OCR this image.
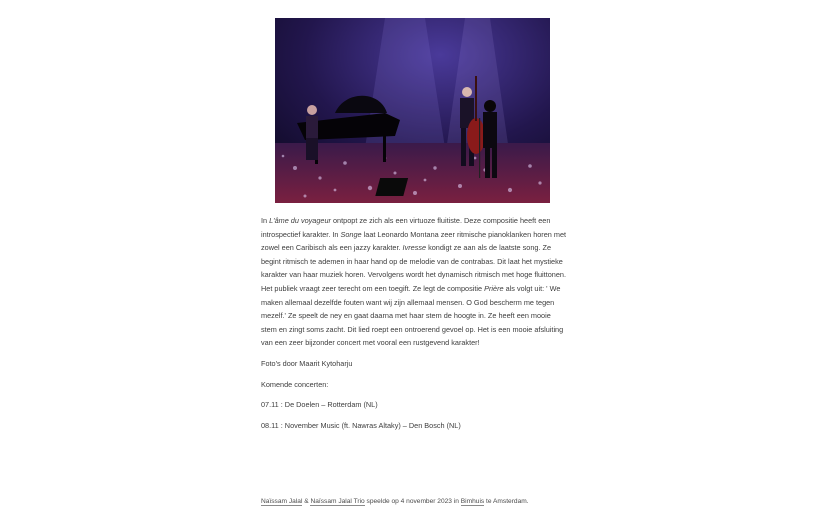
In L'âme du voyageur ontpopt ze zich als een virtuoze fluitiste. Deze compositie heeft een introspectief karakter. In Songe laat Leonardo Montana zeer ritmische pianoklanken horen met zowel een Caribisch als een jazzy karakter. Ivresse kondigt ze aan als de laatste song. Ze begint ritmisch te ademen in haar hand op de melodie van de contrabas. Dit laat het mystieke karakter van haar muziek horen. Vervolgens wordt het dynamisch ritmisch met hoge fluittonen. Het publiek vraagt zeer terecht om een toegift. Ze legt de compositie Prière als volgt uit: ' We maken allemaal dezelfde fouten want wij zijn allemaal mensen. O God bescherm me tegen mezelf.' Ze speelt de ney en gaat daarna met haar stem de hoogte in. Ze heeft een mooie stem en zingt soms zacht. Dit lied roept een ontroerend gevoel op. Het is een mooie afsluiting van een zeer bijzonder concert met vooral een rustgevend karakter!

Foto's door Maarit Kytoharju

Komende concerten:

07.11 : De Doelen – Rotterdam (NL)

08.11 : November Music (ft. Nawras Altaky) – Den Bosch (NL)

Naïssam Jalal & Naïssam Jalal Trio speelde op 4 november 2023 in Bimhuis te Amsterdam.
